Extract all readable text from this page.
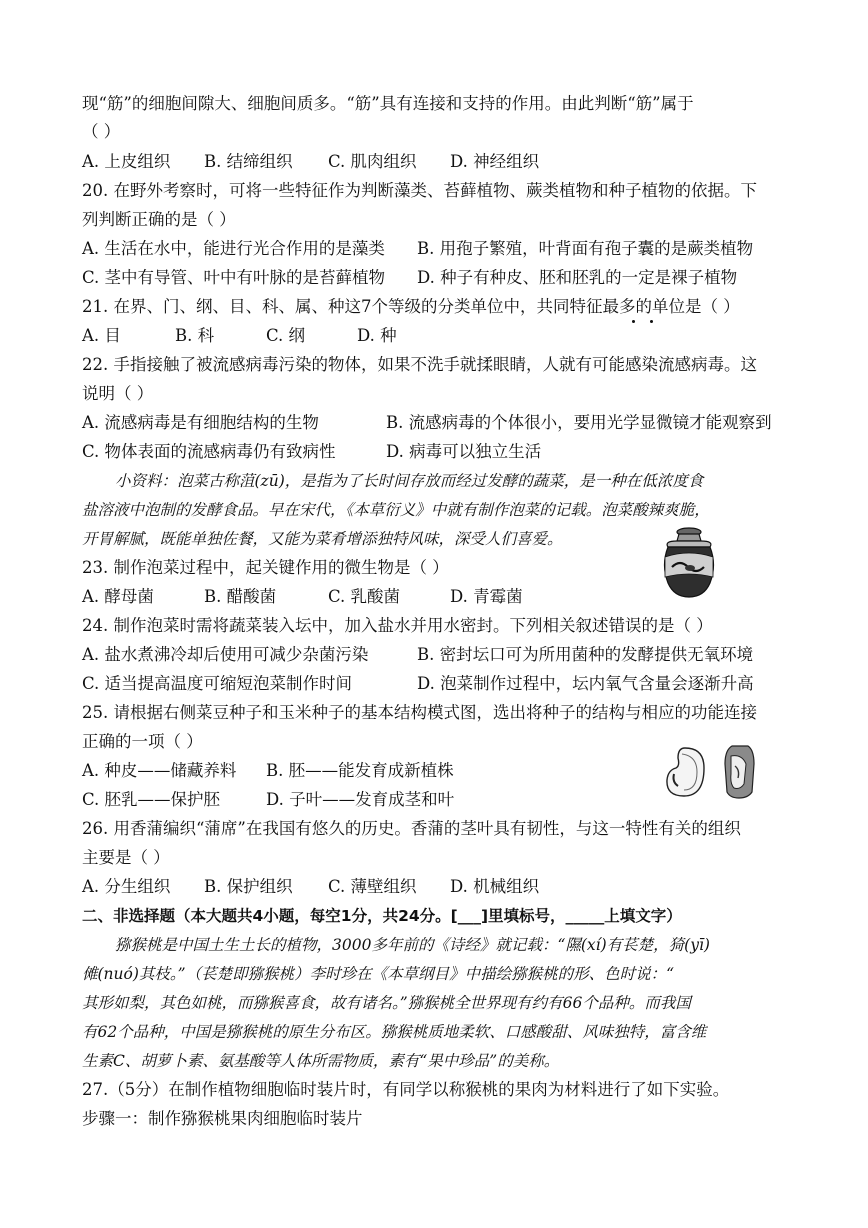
现“筋”的细胞间隙大、细胞间质多。“筋”具有连接和支持的作用。由此判断“筋”属于
（ ）
A. 上皮组织 B. 结缔组织 C. 肌肉组织 D. 神经组织
20. 在野外考察时，可将一些特征作为判断藻类、苔藓植物、蕨类植物和种子植物的依据。下
列判断正确的是（ ）
A. 生活在水中，能进行光合作用的是藻类 B. 用孢子繁殖，叶背面有孢子囊的是蕨类植物
C. 茎中有导管、叶中有叶脉的是苔藓植物 D. 种子有种皮、胚和胚乳的一定是裸子植物
21. 在界、门、纲、目、科、属、种这7个等级的分类单位中，共同特征最多的单位是（ ）
A. 目	B. 科	C. 纲	D. 种
22. 手指接触了被流感病毒污染的物体，如果不洗手就揉眼睛，人就有可能感染流感病毒。这
说明（ ）
A. 流感病毒是有细胞结构的生物	B. 流感病毒的个体很小，要用光学显微镜才能观察到
C. 物体表面的流感病毒仍有致病性	D. 病毒可以独立生活
小资料：泡菜古称菹(zū)，是指为了长时间存放而经过发酵的蔬菜，是一种在低浓度食
盐溶液中泡制的发酵食品。早在宋代，《本草衍义》中就有制作泡菜的记载。泡菜酸辣爽脆，
开胃解腻，既能单独佐餐，又能为菜肴增添独特风味，深受人们喜爱。
23. 制作泡菜过程中，起关键作用的微生物是（ ）
A. 酵母菌	B. 醋酸菌	C. 乳酸菌	D. 青霉菌
24. 制作泡菜时需将蔬菜装入坛中，加入盐水并用水密封。下列相关叙述错误的是（ ）
A. 盐水煮沸冷却后使用可减少杂菌污染	B. 密封坛口可为所用菌种的发酵提供无氧环境
C. 适当提高温度可缩短泡菜制作时间	D. 泡菜制作过程中，坛内氧气含量会逐渐升高
25. 请根据右侧菜豆种子和玉米种子的基本结构模式图，选出将种子的结构与相应的功能连接
正确的一项（ ）
A. 种皮——储藏养料 B. 胚——能发育成新植株
C. 胚乳——保护胚	D. 子叶——发育成茎和叶
26. 用香蒲编织“蒲席”在我国有悠久的历史。香蒲的茎叶具有韧性，与这一特性有关的组织
主要是（ ）
A. 分生组织 B. 保护组织 C. 薄壁组织 D. 机械组织
二、非选择题（本大题共4小题，每空1分，共24分。[___]里填标号，_____上填文字）
猕猴桃是中国土生土长的植物，3000多年前的《诗经》就记载：“隰(xí)有苌楚，猗(yī)
傩(nuó)其枝。”（苌楚即猕猴桃）李时珍在《本草纲目》中描绘猕猴桃的形、色时说：“
其形如梨，其色如桃，而猕猴喜食，故有诸名。”猕猴桃全世界现有约有66个品种。而我国
有62个品种，中国是猕猴桃的原生分布区。猕猴桃质地柔软、口感酸甜、风味独特，富含维
生素C、胡萝卜素、氨基酸等人体所需物质，素有“果中珍品”的美称。
27.（5分）在制作植物细胞临时装片时，有同学以称猴桃的果肉为材料进行了如下实验。
步骤一：制作猕猴桃果肉细胞临时装片
